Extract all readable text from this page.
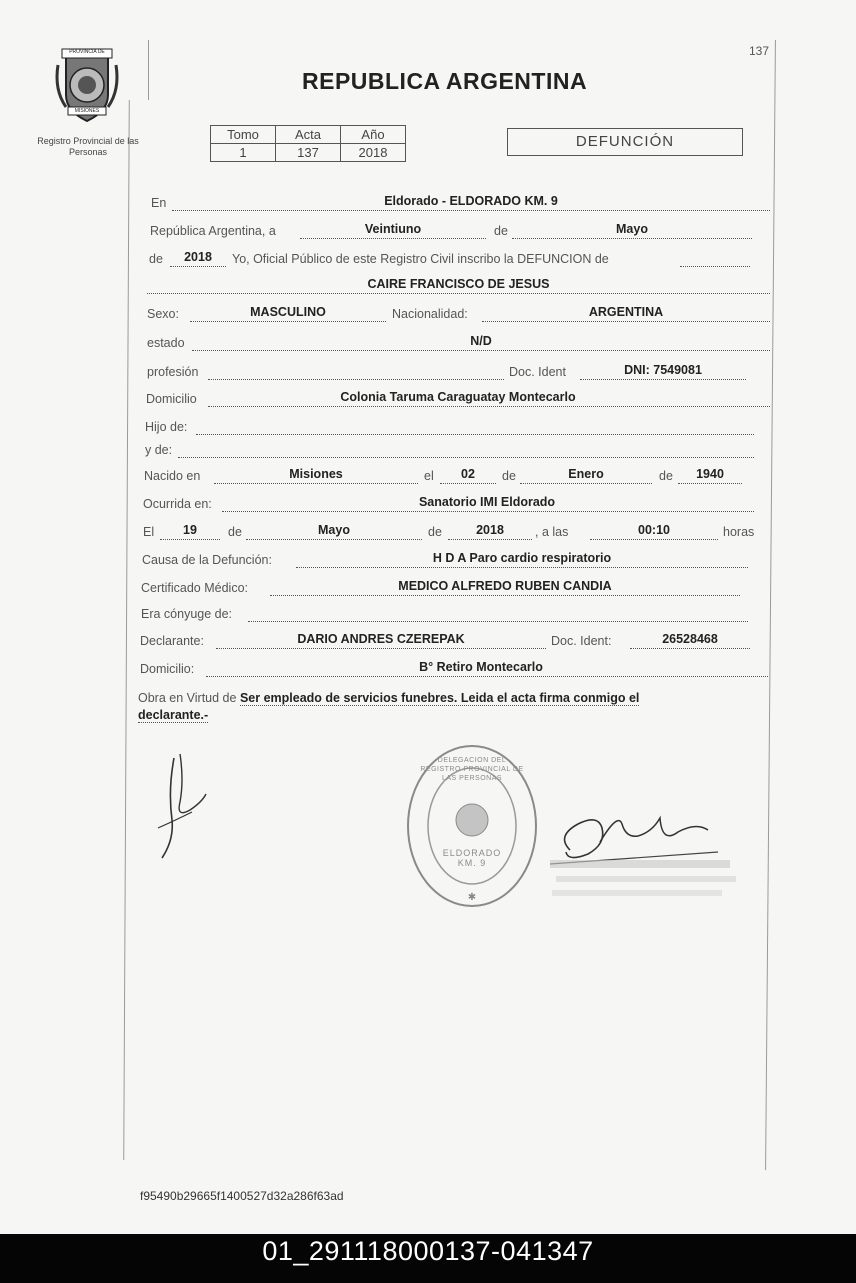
137
PROVINCIA DE
MISIONES
Registro Provincial de las Personas
REPUBLICA ARGENTINA
Tomo	Acta	Año
1	137	2018
DEFUNCIÓN
En	Eldorado - ELDORADO KM. 9
República Argentina, a	Veintiuno	de	Mayo
de	2018	Yo, Oficial Público de este Registro Civil inscribo la DEFUNCION de
CAIRE FRANCISCO DE JESUS
Sexo:	MASCULINO	Nacionalidad:	ARGENTINA
estado	N/D
profesión	Doc. Ident	DNI: 7549081
Domicilio	Colonia Taruma Caraguatay Montecarlo
Hijo de:
y de:
Nacido en	Misiones	el	02	de	Enero	de	1940
Ocurrida en:	Sanatorio IMI Eldorado
El	19	de	Mayo	de	2018	, a las	00:10	horas
Causa de la Defunción:	H D A Paro cardio respiratorio
Certificado Médico:	MEDICO ALFREDO RUBEN CANDIA
Era cónyuge de:
Declarante:	DARIO ANDRES CZEREPAK	Doc. Ident:	26528468
Domicilio:	B° Retiro Montecarlo
Obra en Virtud de Ser empleado de servicios funebres. Leida el acta firma conmigo el
declarante.-
✱
DELEGACION DEL REGISTRO PROVINCIAL DE LAS PERSONAS
ELDORADO KM. 9
f95490b29665f1400527d32a286f63ad
01_291118000137-041347
